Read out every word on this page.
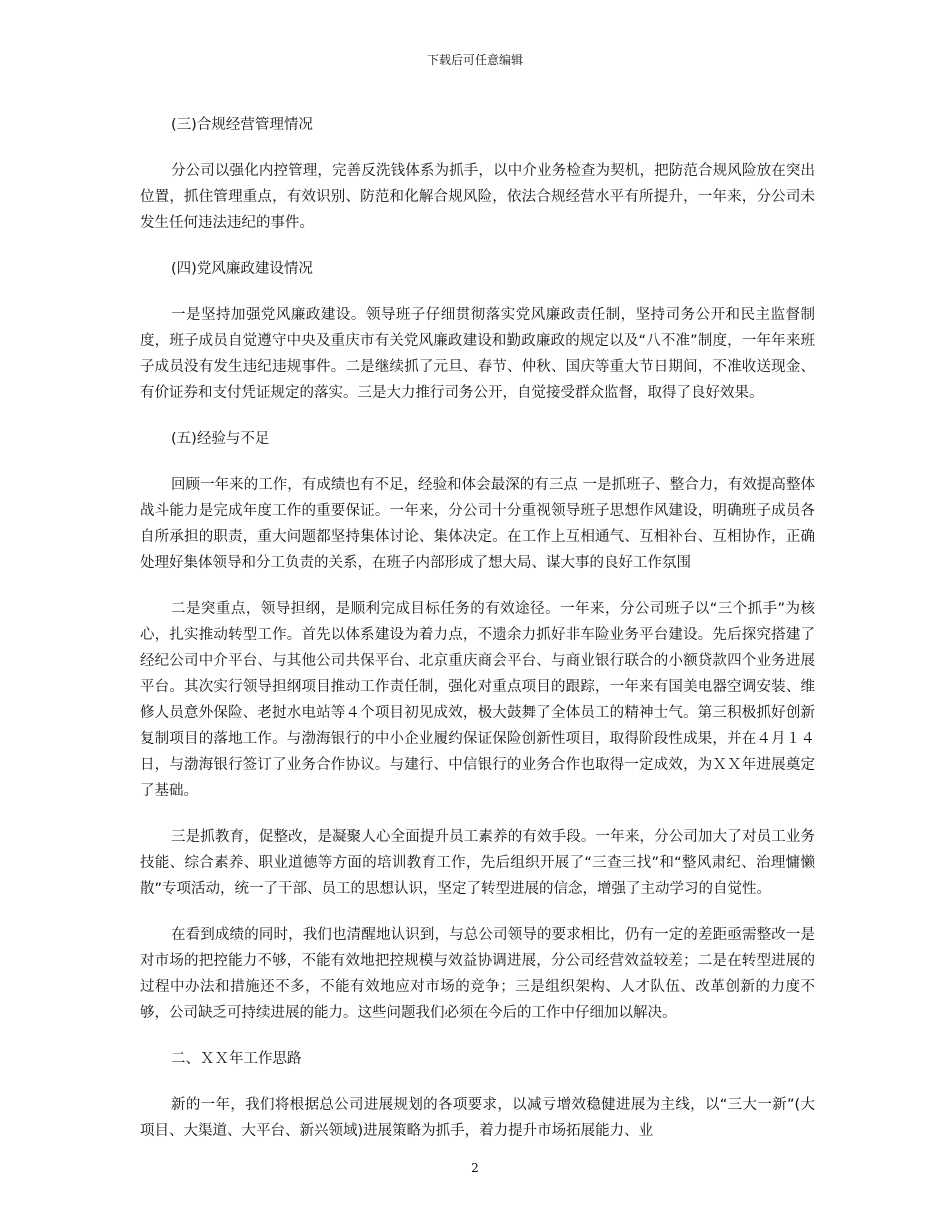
下载后可任意编辑

(三)合规经营管理情况

分公司以强化内控管理，完善反洗钱体系为抓手，以中介业务检查为契机，把防范合规风险放在突出位置，抓住管理重点，有效识别、防范和化解合规风险，依法合规经营水平有所提升，一年来，分公司未发生任何违法违纪的事件。

(四)党风廉政建设情况

一是坚持加强党风廉政建设。领导班子仔细贯彻落实党风廉政责任制，坚持司务公开和民主监督制度，班子成员自觉遵守中央及重庆市有关党风廉政建设和勤政廉政的规定以及“八不准”制度，一年年来班子成员没有发生违纪违规事件。二是继续抓了元旦、春节、仲秋、国庆等重大节日期间，不准收送现金、有价证券和支付凭证规定的落实。三是大力推行司务公开，自觉接受群众监督，取得了良好效果。

(五)经验与不足

回顾一年来的工作，有成绩也有不足，经验和体会最深的有三点 一是抓班子、整合力，有效提高整体战斗能力是完成年度工作的重要保证。一年来，分公司十分重视领导班子思想作风建设，明确班子成员各自所承担的职责，重大问题都坚持集体讨论、集体决定。在工作上互相通气、互相补台、互相协作，正确处理好集体领导和分工负责的关系，在班子内部形成了想大局、谋大事的良好工作氛围

二是突重点，领导担纲，是顺利完成目标任务的有效途径。一年来，分公司班子以“三个抓手”为核心，扎实推动转型工作。首先以体系建设为着力点，不遗余力抓好非车险业务平台建设。先后探究搭建了经纪公司中介平台、与其他公司共保平台、北京重庆商会平台、与商业银行联合的小额贷款四个业务进展平台。其次实行领导担纲项目推动工作责任制，强化对重点项目的跟踪，一年来有国美电器空调安装、维修人员意外保险、老挝水电站等４个项目初见成效，极大鼓舞了全体员工的精神士气。第三积极抓好创新复制项目的落地工作。与渤海银行的中小企业履约保证保险创新性项目，取得阶段性成果，并在４月１４日，与渤海银行签订了业务合作协议。与建行、中信银行的业务合作也取得一定成效，为ＸＸ年进展奠定了基础。

三是抓教育，促整改，是凝聚人心全面提升员工素养的有效手段。一年来，分公司加大了对员工业务技能、综合素养、职业道德等方面的培训教育工作，先后组织开展了“三查三找”和“整风肃纪、治理慵懒散”专项活动，统一了干部、员工的思想认识，坚定了转型进展的信念，增强了主动学习的自觉性。

在看到成绩的同时，我们也清醒地认识到，与总公司领导的要求相比，仍有一定的差距亟需整改一是对市场的把控能力不够，不能有效地把控规模与效益协调进展，分公司经营效益较差；二是在转型进展的过程中办法和措施还不多，不能有效地应对市场的竞争；三是组织架构、人才队伍、改革创新的力度不够，公司缺乏可持续进展的能力。这些问题我们必须在今后的工作中仔细加以解决。

二、ＸＸ年工作思路

新的一年，我们将根据总公司进展规划的各项要求，以减亏增效稳健进展为主线，以“三大一新”(大项目、大渠道、大平台、新兴领域)进展策略为抓手，着力提升市场拓展能力、业

2
